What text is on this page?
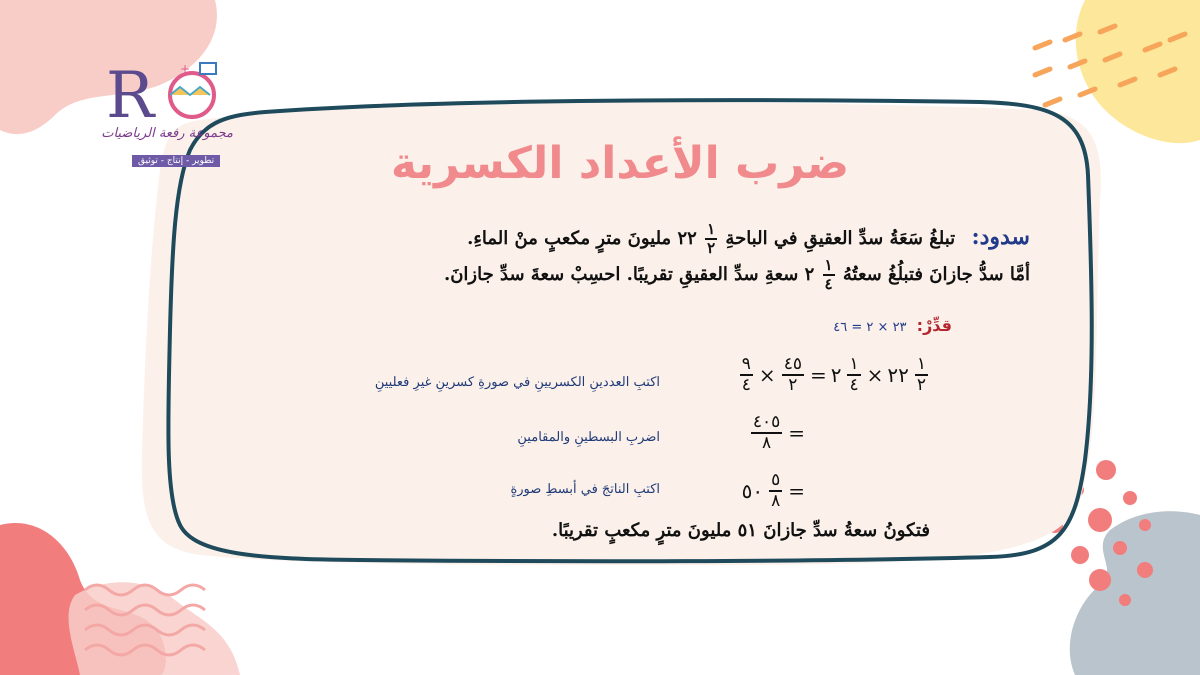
R +
مجموعة رفعة الرياضيات
تطوير - إنتاج - توثيق	ضرب الأعداد الكسرية
سدود: تبلغُ سَعَةُ سدِّ العقيقِ في الباحةِ
$\frac{١}{٢}$
٢٢ مليونَ مترٍ مكعبٍ منْ الماءِ.
أمَّا سدُّ جازانَ فتبلُغُ سعتُهُ
$\frac{١}{٤}$
٢ سعةِ سدِّ العقيقِ تقريبًا. احسِبْ سعةَ سدِّ جازانَ.
قدِّرْ: ٢٣ × ٢ = ٤٦
$\frac{١}{٢}$
٢٢
×
$\frac{١}{٤}$
٢
=
$\frac{٤٥}{٢}$
×
$\frac{٩}{٤}$
اكتبِ العددينِ الكسريينِ في صورةِ كسرينِ غيرِ فعليينِ
=
$\frac{٤٠٥}{٨}$
اضربِ البسطينِ والمقامينِ
=
$\frac{٥}{٨}$
٥٠
اكتبِ الناتجَ في أبسطِ صورةٍ
فتكونُ سعةُ سدِّ جازانَ ٥١ مليونَ مترٍ مكعبٍ تقريبًا.
